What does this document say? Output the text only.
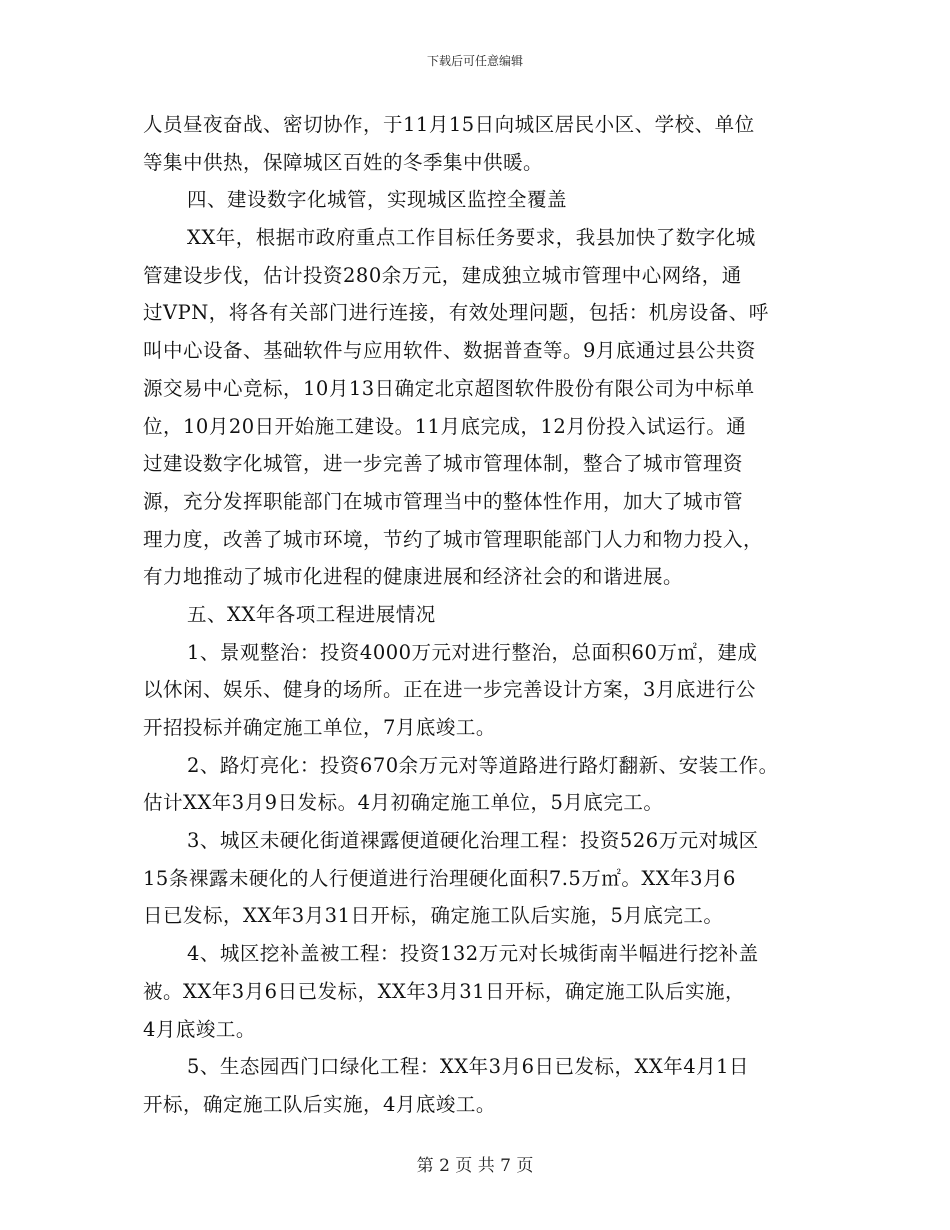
下载后可任意编辑
人员昼夜奋战、密切协作，于11月15日向城区居民小区、学校、单位
等集中供热，保障城区百姓的冬季集中供暖。
四、建设数字化城管，实现城区监控全覆盖
XX年，根据市政府重点工作目标任务要求，我县加快了数字化城
管建设步伐，估计投资280余万元，建成独立城市管理中心网络，通
过VPN，将各有关部门进行连接，有效处理问题，包括：机房设备、呼
叫中心设备、基础软件与应用软件、数据普查等。9月底通过县公共资
源交易中心竞标，10月13日确定北京超图软件股份有限公司为中标单
位，10月20日开始施工建设。11月底完成，12月份投入试运行。通
过建设数字化城管，进一步完善了城市管理体制，整合了城市管理资
源，充分发挥职能部门在城市管理当中的整体性作用，加大了城市管
理力度，改善了城市环境，节约了城市管理职能部门人力和物力投入，
有力地推动了城市化进程的健康进展和经济社会的和谐进展。
五、XX年各项工程进展情况
1、景观整治：投资4000万元对进行整治，总面积60万㎡，建成
以休闲、娱乐、健身的场所。正在进一步完善设计方案，3月底进行公
开招投标并确定施工单位，7月底竣工。
2、路灯亮化：投资670余万元对等道路进行路灯翻新、安装工作。
估计XX年3月9日发标。4月初确定施工单位，5月底完工。
3、城区未硬化街道裸露便道硬化治理工程：投资526万元对城区
15条裸露未硬化的人行便道进行治理硬化面积7.5万㎡。XX年3月6
日已发标，XX年3月31日开标，确定施工队后实施，5月底完工。
4、城区挖补盖被工程：投资132万元对长城街南半幅进行挖补盖
被。XX年3月6日已发标，XX年3月31日开标，确定施工队后实施，
4月底竣工。
5、生态园西门口绿化工程：XX年3月6日已发标，XX年4月1日
开标，确定施工队后实施，4月底竣工。
第 2 页 共 7 页
